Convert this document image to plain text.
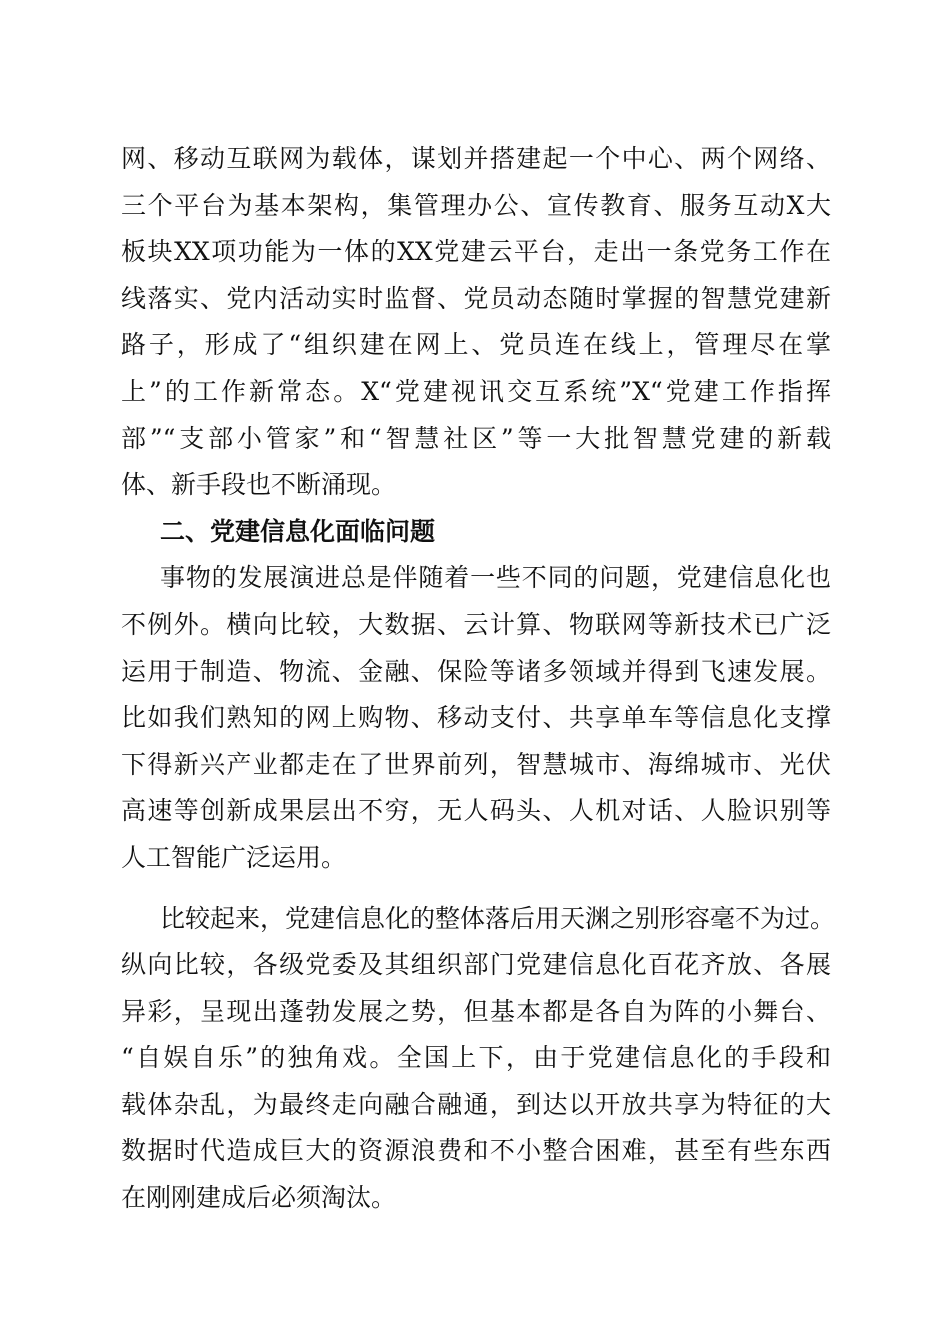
网、移动互联网为载体，谋划并搭建起一个中心、两个网络、
三个平台为基本架构，集管理办公、宣传教育、服务互动X大
板块XX项功能为一体的XX党建云平台，走出一条党务工作在
线落实、党内活动实时监督、党员动态随时掌握的智慧党建新
路子，形成了“组织建在网上、党员连在线上，管理尽在掌
上”的工作新常态。X“党建视讯交互系统”X“党建工作指挥
部”“支部小管家”和“智慧社区”等一大批智慧党建的新载
体、新手段也不断涌现。
二、党建信息化面临问题
事物的发展演进总是伴随着一些不同的问题，党建信息化也
不例外。横向比较，大数据、云计算、物联网等新技术已广泛
运用于制造、物流、金融、保险等诸多领域并得到飞速发展。
比如我们熟知的网上购物、移动支付、共享单车等信息化支撑
下得新兴产业都走在了世界前列，智慧城市、海绵城市、光伏
高速等创新成果层出不穷，无人码头、人机对话、人脸识别等
人工智能广泛运用。
比较起来，党建信息化的整体落后用天渊之别形容毫不为过。
纵向比较，各级党委及其组织部门党建信息化百花齐放、各展
异彩，呈现出蓬勃发展之势，但基本都是各自为阵的小舞台、
“自娱自乐”的独角戏。全国上下，由于党建信息化的手段和
载体杂乱，为最终走向融合融通，到达以开放共享为特征的大
数据时代造成巨大的资源浪费和不小整合困难，甚至有些东西
在刚刚建成后必须淘汰。
